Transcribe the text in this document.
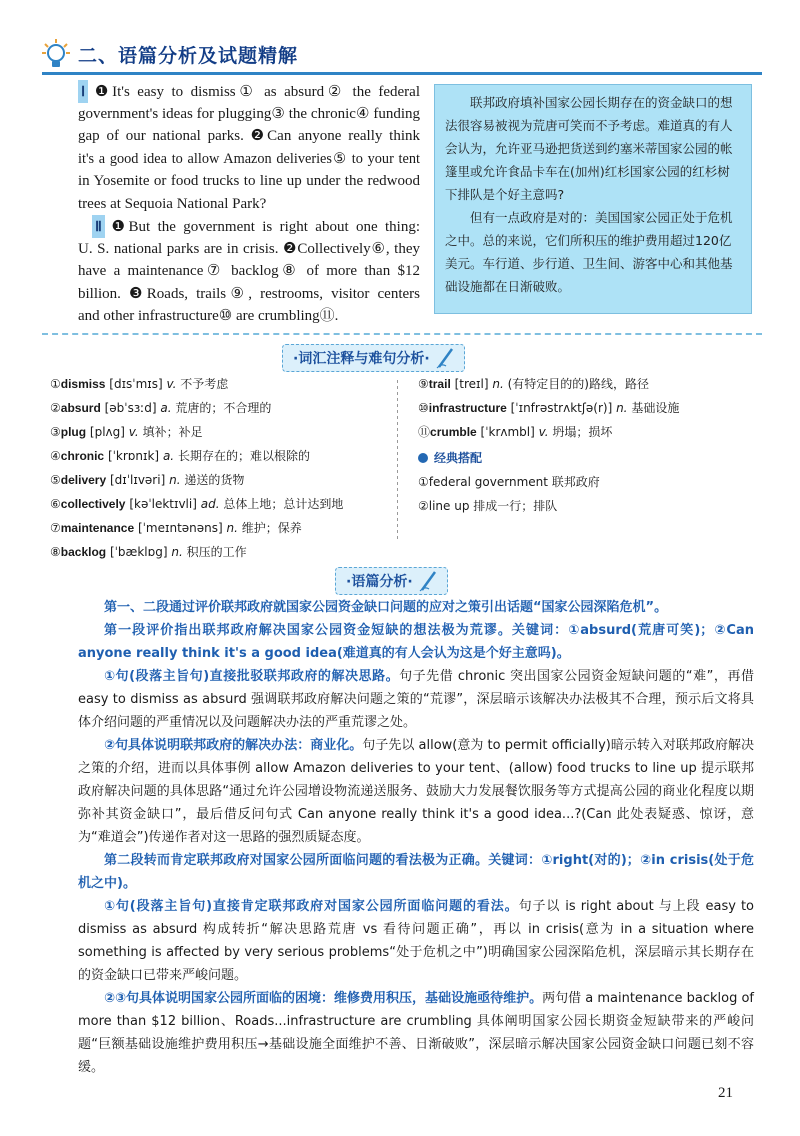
二、语篇分析及试题精解
Ⅰ ❶It's easy to dismiss① as absurd② the federal
government's ideas for plugging③ the chronic④ funding
gap of our national parks. ❷Can anyone really think
it's a good idea to allow Amazon deliveries⑤ to your tent
in Yosemite or food trucks to line up under the redwood
trees at Sequoia National Park?
Ⅱ ❶But the government is right about one thing:
U. S. national parks are in crisis. ❷Collectively⑥, they
have a maintenance⑦ backlog⑧ of more than $12
billion. ❸Roads, trails⑨, restrooms, visitor centers
and other infrastructure⑩ are crumbling⑪.

联邦政府填补国家公园长期存在的资金缺口的想法很容易被视为荒唐可笑而不予考虑。难道真的有人会认为，允许亚马逊把货送到约塞米蒂国家公园的帐篷里或允许食品卡车在(加州)红杉国家公园的红杉树下排队是个好主意吗?

但有一点政府是对的：美国国家公园正处于危机之中。总的来说，它们所积压的维护费用超过120亿美元。车行道、步行道、卫生间、游客中心和其他基础设施都在日渐破败。

·词汇注释与难句分析·
①dismiss [dɪsˈmɪs] v. 不予考虑
②absurd [əbˈsɜːd] a. 荒唐的；不合理的
③plug [plʌg] v. 填补；补足
④chronic [ˈkrɒnɪk] a. 长期存在的；难以根除的
⑤delivery [dɪˈlɪvəri] n. 递送的货物
⑥collectively [kəˈlektɪvli] ad. 总体上地；总计达到地
⑦maintenance [ˈmeɪntənəns] n. 维护；保养
⑧backlog [ˈbæklɒg] n. 积压的工作
⑨trail [treɪl] n. (有特定目的的)路线，路径
⑩infrastructure [ˈɪnfrəstrʌktʃə(r)] n. 基础设施
⑪crumble [ˈkrʌmbl] v. 坍塌；损坏
经典搭配
①federal government 联邦政府
②line up 排成一行；排队
·语篇分析·

第一、二段通过评价联邦政府就国家公园资金缺口问题的应对之策引出话题“国家公园深陷危机”。

第一段评价指出联邦政府解决国家公园资金短缺的想法极为荒谬。关键词：①absurd(荒唐可笑)；②Can anyone really think it's a good idea(难道真的有人会认为这是个好主意吗)。

①句(段落主旨句)直接批驳联邦政府的解决思路。句子先借 chronic 突出国家公园资金短缺问题的“难”，再借 easy to dismiss as absurd 强调联邦政府解决问题之策的“荒谬”，深层暗示该解决办法极其不合理，预示后文将具体介绍问题的严重情况以及问题解决办法的严重荒谬之处。

②句具体说明联邦政府的解决办法：商业化。句子先以 allow(意为 to permit officially)暗示转入对联邦政府解决之策的介绍，进而以具体事例 allow Amazon deliveries to your tent、(allow) food trucks to line up 提示联邦政府解决问题的具体思路“通过允许公园增设物流递送服务、鼓励大力发展餐饮服务等方式提高公园的商业化程度以期弥补其资金缺口”，最后借反问句式 Can anyone really think it's a good idea...?(Can 此处表疑惑、惊讶，意为“难道会”)传递作者对这一思路的强烈质疑态度。

第二段转而肯定联邦政府对国家公园所面临问题的看法极为正确。关键词：①right(对的)；②in crisis(处于危机之中)。

①句(段落主旨句)直接肯定联邦政府对国家公园所面临问题的看法。句子以 is right about 与上段 easy to dismiss as absurd 构成转折“解决思路荒唐 vs 看待问题正确”，再以 in crisis(意为 in a situation where something is affected by very serious problems“处于危机之中”)明确国家公园深陷危机，深层暗示其长期存在的资金缺口已带来严峻问题。

②③句具体说明国家公园所面临的困境：维修费用积压，基础设施亟待维护。两句借 a maintenance backlog of more than $12 billion、Roads...infrastructure are crumbling 具体阐明国家公园长期资金短缺带来的严峻问题“巨额基础设施维护费用积压→基础设施全面维护不善、日渐破败”，深层暗示解决国家公园资金缺口问题已刻不容缓。

21
